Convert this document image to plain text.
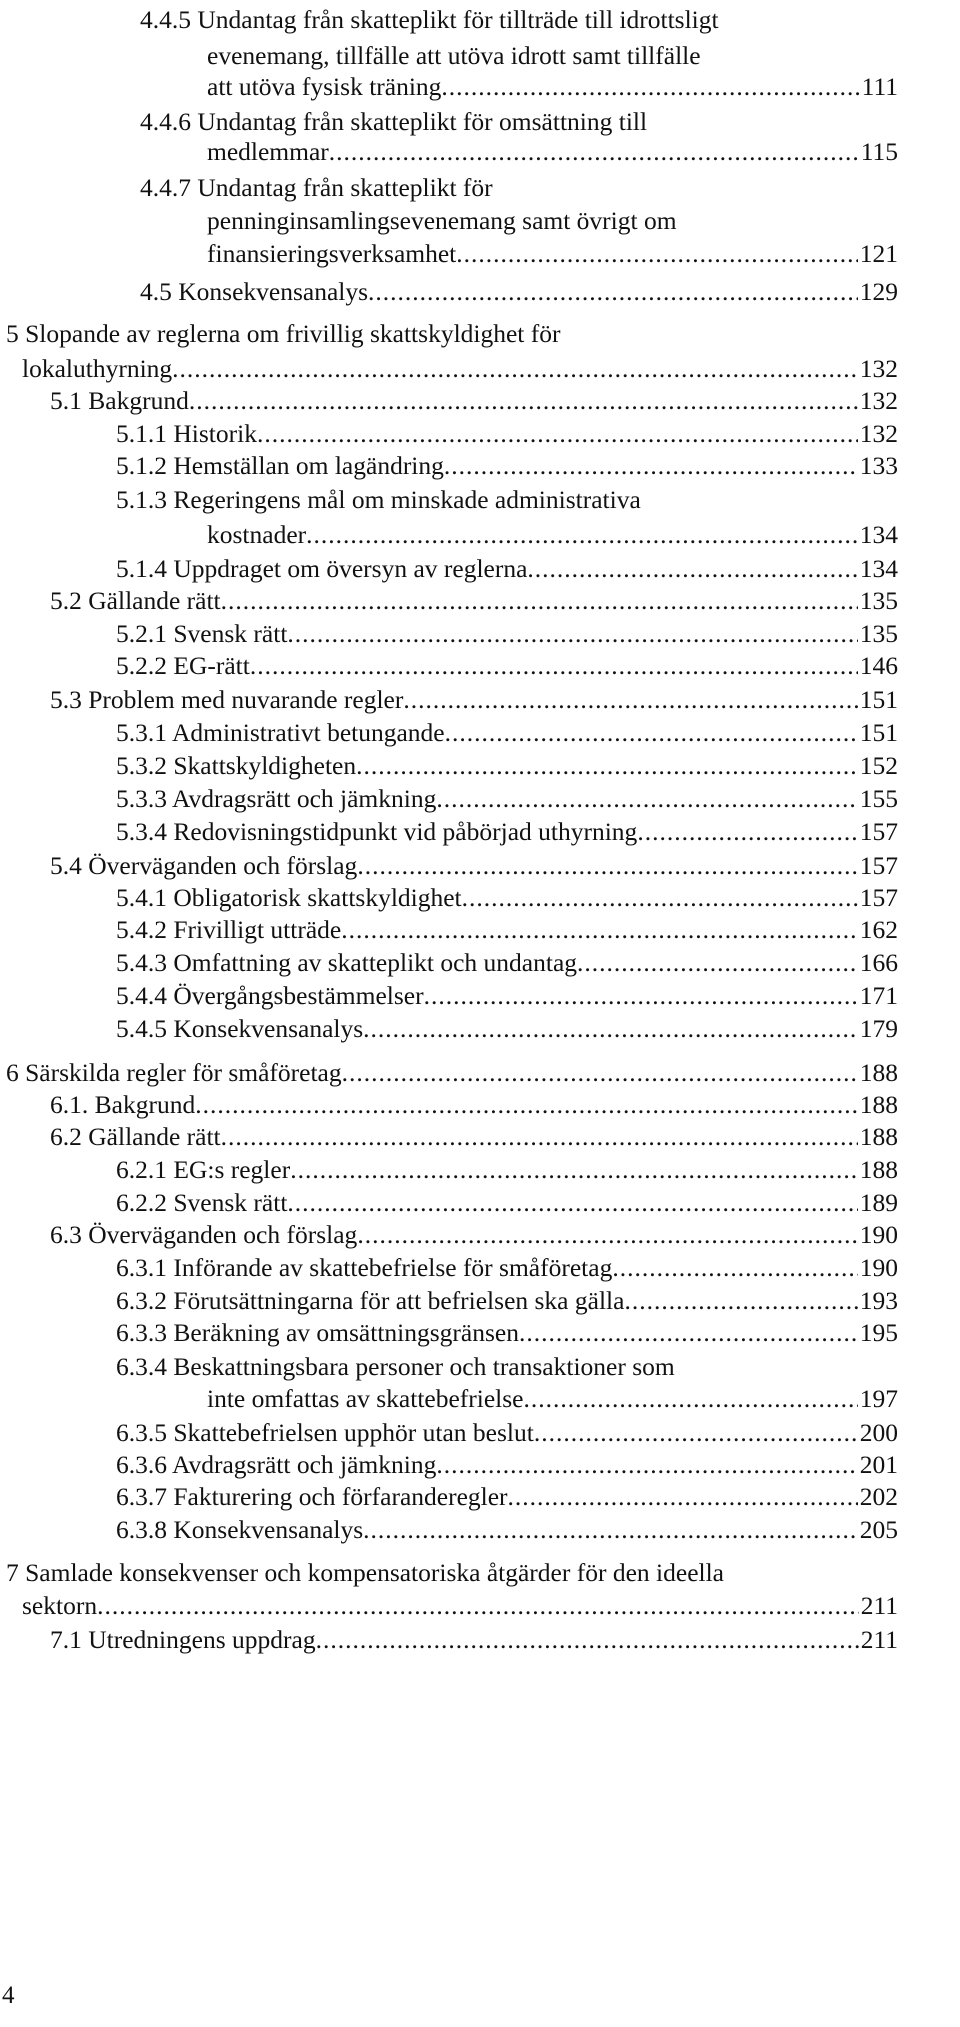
4.4.5 Undantag från skatteplikt för tillträde till idrottsligt
evenemang, tillfälle att utöva idrott samt tillfälle
att utöva fysisk träning .....	111
4.4.6 Undantag från skatteplikt för omsättning till
medlemmar .....	115
4.4.7 Undantag från skatteplikt för
penninginsamlingsevenemang samt övrigt om
finansieringsverksamhet .....	121
4.5 Konsekvensanalys .....	129
5 Slopande av reglerna om frivillig skattskyldighet för
lokaluthyrning .....	132
5.1 Bakgrund .....	132
5.1.1 Historik .....	132
5.1.2 Hemställan om lagändring .....	133
5.1.3 Regeringens mål om minskade administrativa
kostnader .....	134
5.1.4 Uppdraget om översyn av reglerna .....	134
5.2 Gällande rätt .....	135
5.2.1 Svensk rätt .....	135
5.2.2 EG-rätt .....	146
5.3 Problem med nuvarande regler .....	151
5.3.1 Administrativt betungande .....	151
5.3.2 Skattskyldigheten .....	152
5.3.3 Avdragsrätt och jämkning .....	155
5.3.4 Redovisningstidpunkt vid påbörjad uthyrning .....	157
5.4 Överväganden och förslag .....	157
5.4.1 Obligatorisk skattskyldighet .....	157
5.4.2 Frivilligt utträde .....	162
5.4.3 Omfattning av skatteplikt och undantag .....	166
5.4.4 Övergångsbestämmelser .....	171
5.4.5 Konsekvensanalys .....	179
6 Särskilda regler för småföretag .....	188
6.1. Bakgrund .....	188
6.2 Gällande rätt .....	188
6.2.1 EG:s regler .....	188
6.2.2 Svensk rätt .....	189
6.3 Överväganden och förslag .....	190
6.3.1 Införande av skattebefrielse för småföretag .....	190
6.3.2 Förutsättningarna för att befrielsen ska gälla .....	193
6.3.3 Beräkning av omsättningsgränsen .....	195
6.3.4 Beskattningsbara personer och transaktioner som
inte omfattas av skattebefrielse .....	197
6.3.5 Skattebefrielsen upphör utan beslut .....	200
6.3.6 Avdragsrätt och jämkning .....	201
6.3.7 Fakturering och förfaranderegler .....	202
6.3.8 Konsekvensanalys .....	205
7 Samlade konsekvenser och kompensatoriska åtgärder för den ideella
sektorn .....	211
7.1 Utredningens uppdrag .....	211
4
